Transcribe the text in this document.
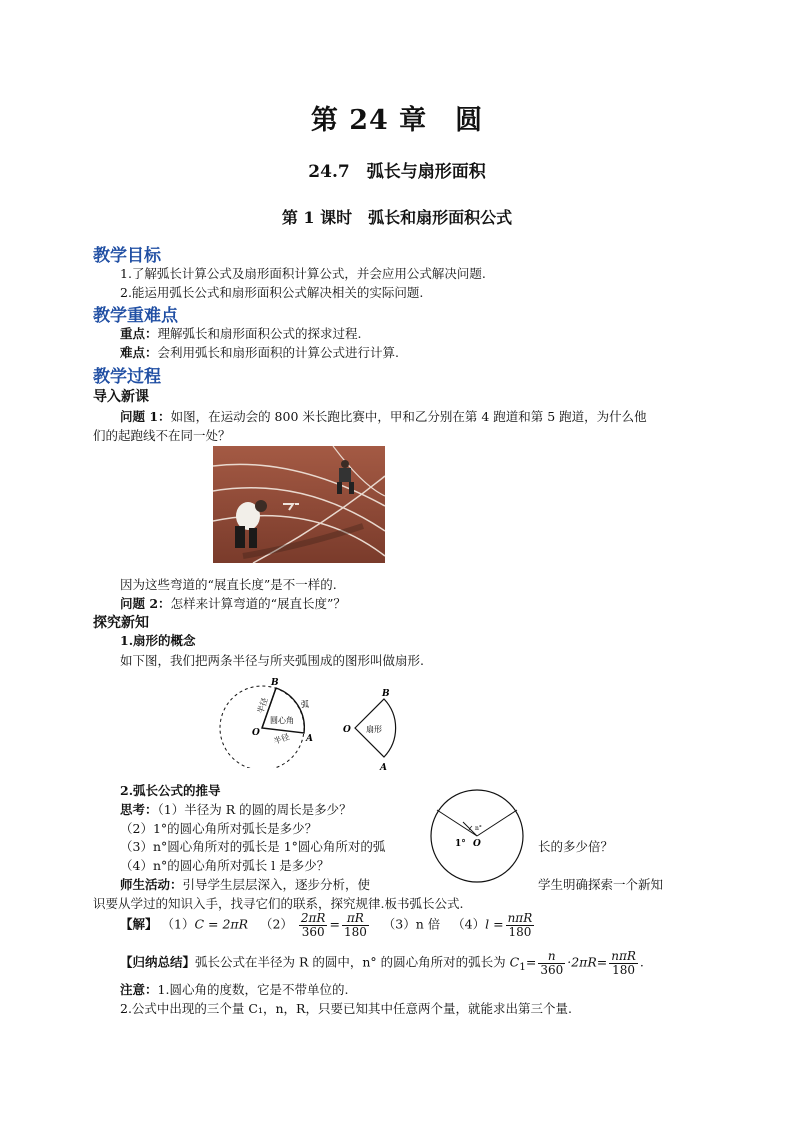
第 24 章　圆
24.7　弧长与扇形面积
第 1 课时　弧长和扇形面积公式
教学目标
1.了解弧长计算公式及扇形面积计算公式，并会应用公式解决问题.
2.能运用弧长公式和扇形面积公式解决相关的实际问题.
教学重难点
重点：理解弧长和扇形面积公式的探求过程.
难点：会利用弧长和扇形面积的计算公式进行计算.
教学过程
导入新课
问题 1：如图，在运动会的 800 米长跑比赛中，甲和乙分别在第 4 跑道和第 5 跑道，为什么他
们的起跑线不在同一处？
因为这些弯道的“展直长度”是不一样的.
问题 2：怎样来计算弯道的“展直长度”？
探究新知
1.扇形的概念
如下图，我们把两条半径与所夹弧围成的图形叫做扇形.
B
A
O
半径
半径
弧
圆心角
B
A
O 扇形
2.弧长公式的推导
思考：（1）半径为 R 的圆的周长是多少？
（2）1°的圆心角所对弧长是多少？
（3）n°圆心角所对的弧长是 1°圆心角所对的弧	长的多少倍？
（4）n°的圆心角所对弧长 l 是多少？
O
1°
n°
师生活动：引导学生层层深入，逐步分析，使	学生明确探索一个新知
识要从学过的知识入手，找寻它们的联系，探究规律.板书弧长公式.
【解】 （1）C = 2πR $(2) \frac{2\pi R}{360} = \frac{\pi R}{180} (3)n$ 倍 $(4)l = \frac{\text{nπR}}{180}$
【归纳总结】弧长公式在半径为 R 的圆中，n° 的圆心角所对的弧长为 $C_1= \frac{n}{360} \cdot 2\pi R= \frac{\text{nπR}}{180}$ .
注意：1.圆心角的度数，它是不带单位的.
2.公式中出现的三个量 C₁，n，R，只要已知其中任意两个量，就能求出第三个量.
